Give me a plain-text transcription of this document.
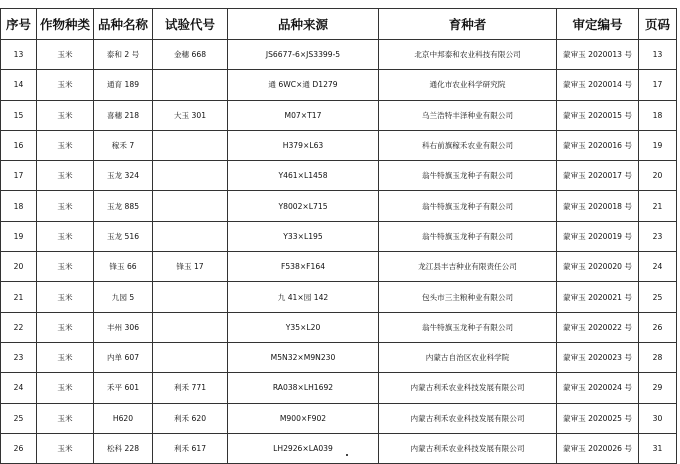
序号	作物种类	品种名称	试验代号	品种来源	育种者	审定编号	页码
13	玉米	泰和 2 号	金穗 668	JS6677-6×JS3399-5	北京中邦泰和农业科技有限公司	蒙审玉 2020013 号	13
14	玉米	通育 189		通 6WC×通 D1279	通化市农业科学研究院	蒙审玉 2020014 号	17
15	玉米	喜穗 218	大玉 301	M07×T17	乌兰浩特丰泽种业有限公司	蒙审玉 2020015 号	18
16	玉米	稼禾 7		H379×L63	科右前旗稼禾农业有限公司	蒙审玉 2020016 号	19
17	玉米	玉龙 324		Y461×L1458	翁牛特旗玉龙种子有限公司	蒙审玉 2020017 号	20
18	玉米	玉龙 885		Y8002×L715	翁牛特旗玉龙种子有限公司	蒙审玉 2020018 号	21
19	玉米	玉龙 516		Y33×L195	翁牛特旗玉龙种子有限公司	蒙审玉 2020019 号	23
20	玉米	锋玉 66	锋玉 17	F538×F164	龙江县丰吉种业有限责任公司	蒙审玉 2020020 号	24
21	玉米	九园 5		九 41×园 142	包头市三主粮种业有限公司	蒙审玉 2020021 号	25
22	玉米	丰州 306		Y35×L20	翁牛特旗玉龙种子有限公司	蒙审玉 2020022 号	26
23	玉米	内单 607		M5N32×M9N230	内蒙古自治区农业科学院	蒙审玉 2020023 号	28
24	玉米	禾平 601	利禾 771	RA038×LH1692	内蒙古利禾农业科技发展有限公司	蒙审玉 2020024 号	29
25	玉米	H620	利禾 620	M900×F902	内蒙古利禾农业科技发展有限公司	蒙审玉 2020025 号	30
26	玉米	松科 228	利禾 617	LH2926×LA039	内蒙古利禾农业科技发展有限公司	蒙审玉 2020026 号	31
